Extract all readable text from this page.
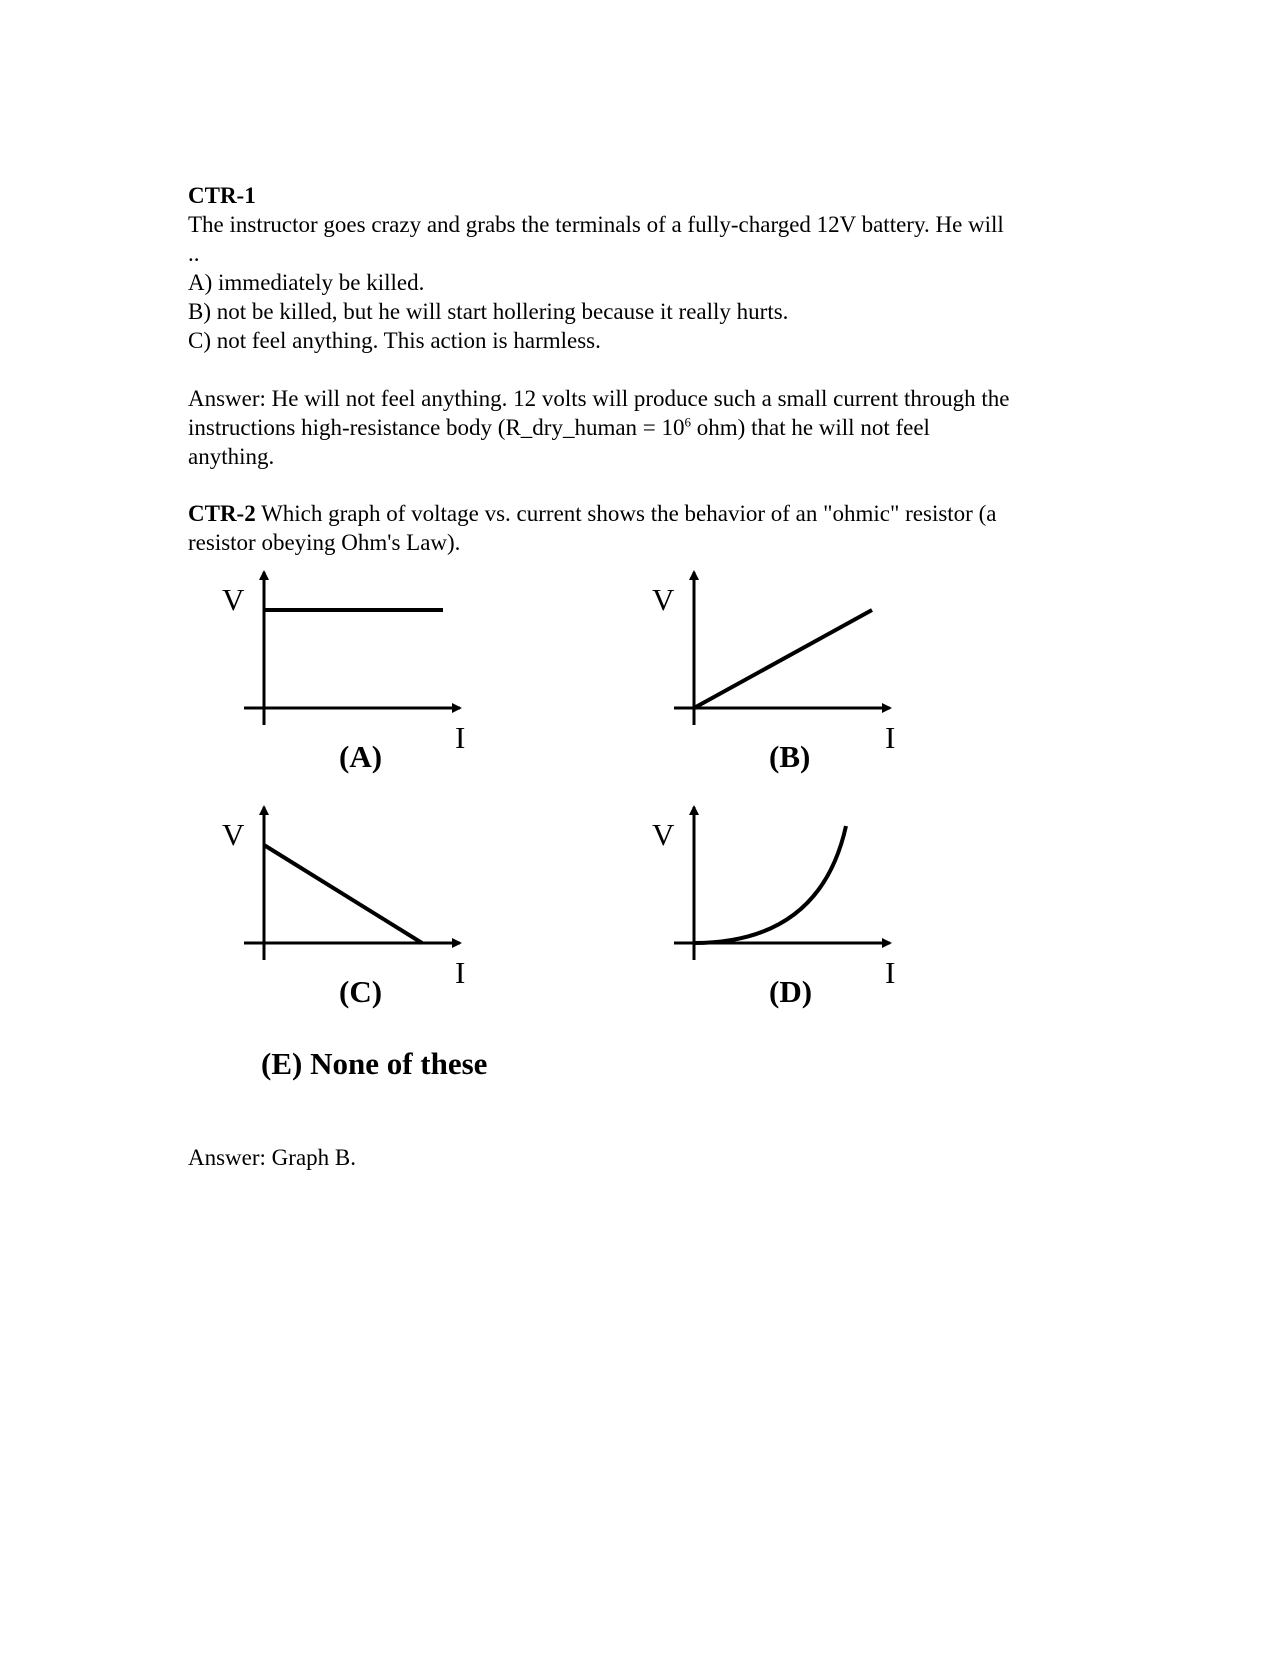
CTR-1
The instructor goes crazy and grabs the terminals of a fully-charged 12V battery. He will
..
A) immediately be killed.
B) not be killed, but he will start hollering because it really hurts.
C) not feel anything. This action is harmless.
Answer: He will not feel anything. 12 volts will produce such a small current through the
instructions high-resistance body (R_dry_human = $10^6$ ohm) that he will not feel
anything.
CTR-2 Which graph of voltage vs. current shows the behavior of an "ohmic" resistor (a
resistor obeying Ohm's Law).
V
I
(A)
V
I
(B)
V
I
(C)
V
I
(D)
(E) None of these
Answer: Graph B.
